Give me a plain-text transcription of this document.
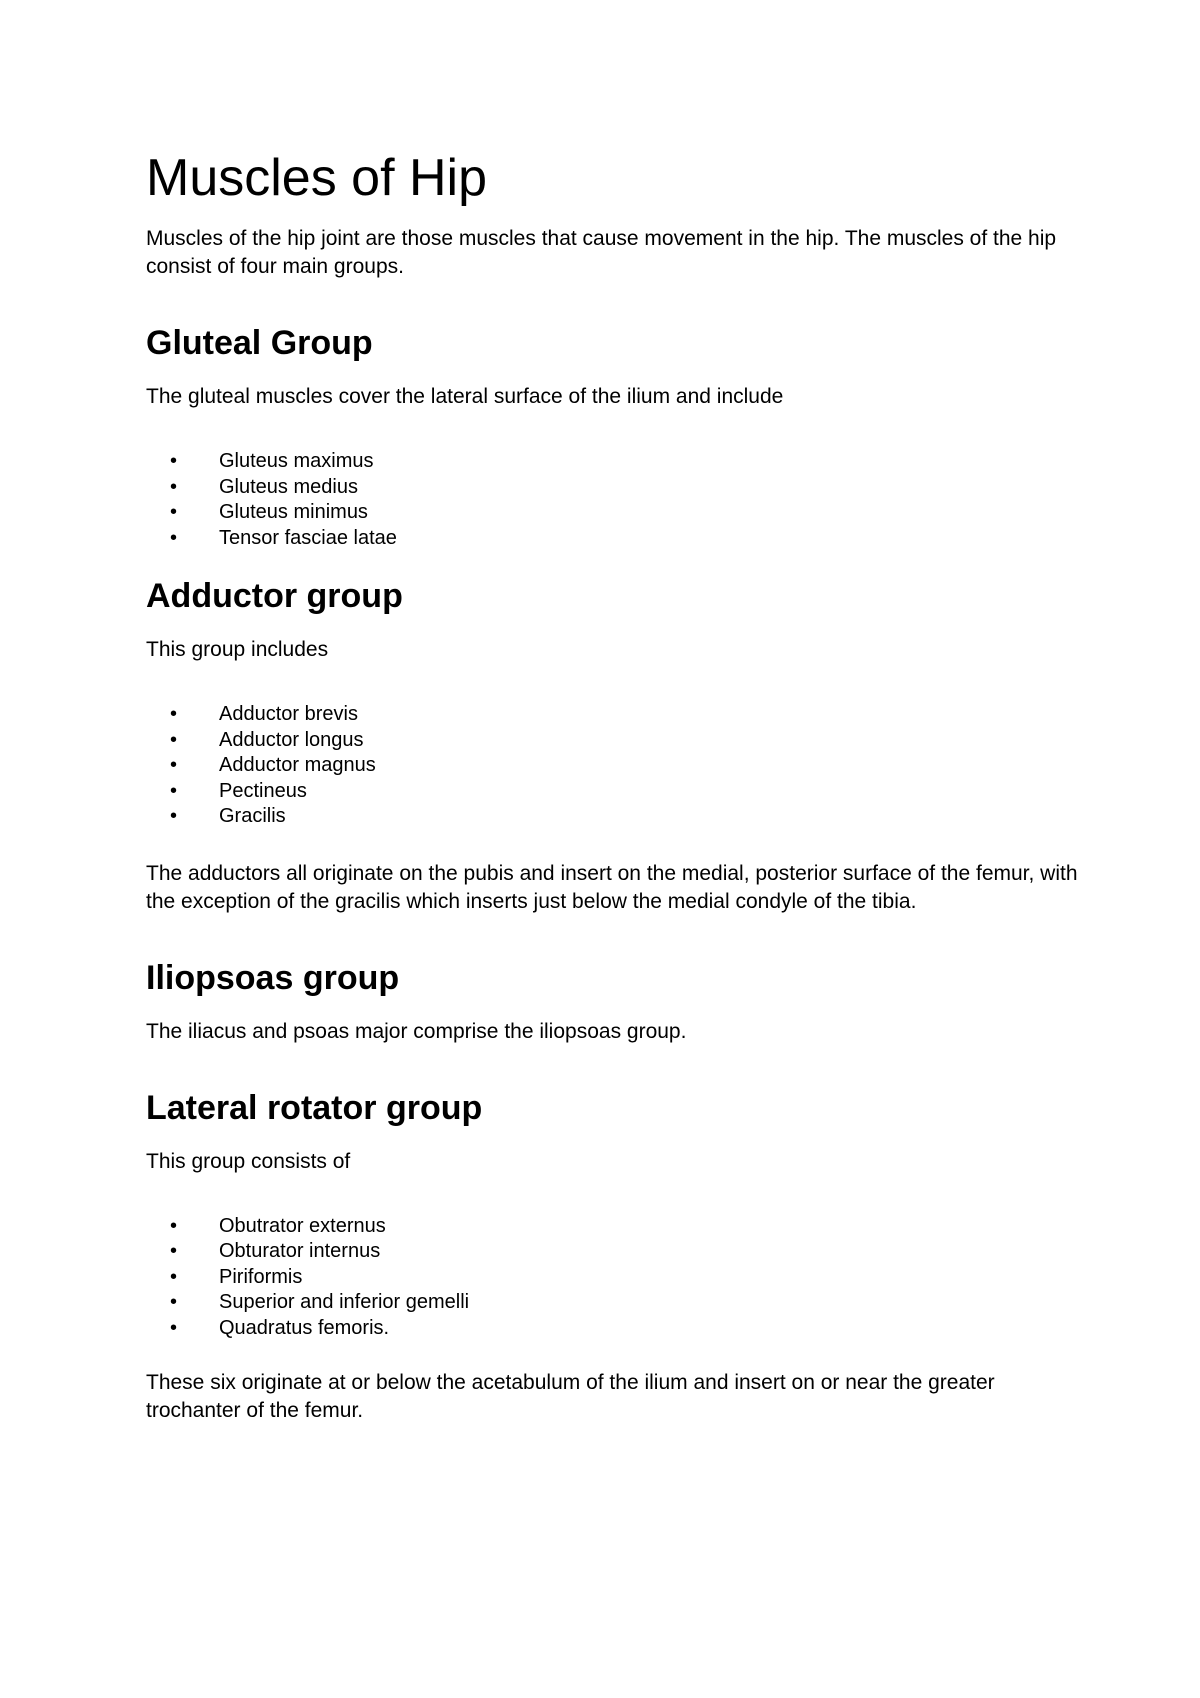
Muscles of Hip

Muscles of the hip joint are those muscles that cause movement in the hip. The muscles of the hip consist of four main groups.

Gluteal Group

The gluteal muscles cover the lateral surface of the ilium and include

• Gluteus maximus
• Gluteus medius
• Gluteus minimus
• Tensor fasciae latae
Adductor group

This group includes

• Adductor brevis
• Adductor longus
• Adductor magnus
• Pectineus
• Gracilis

The adductors all originate on the pubis and insert on the medial, posterior surface of the femur, with the exception of the gracilis which inserts just below the medial condyle of the tibia.

Iliopsoas group

The iliacus and psoas major comprise the iliopsoas group.

Lateral rotator group

This group consists of

• Obutrator externus
• Obturator internus
• Piriformis
• Superior and inferior gemelli
• Quadratus femoris.

These six originate at or below the acetabulum of the ilium and insert on or near the greater trochanter of the femur.
